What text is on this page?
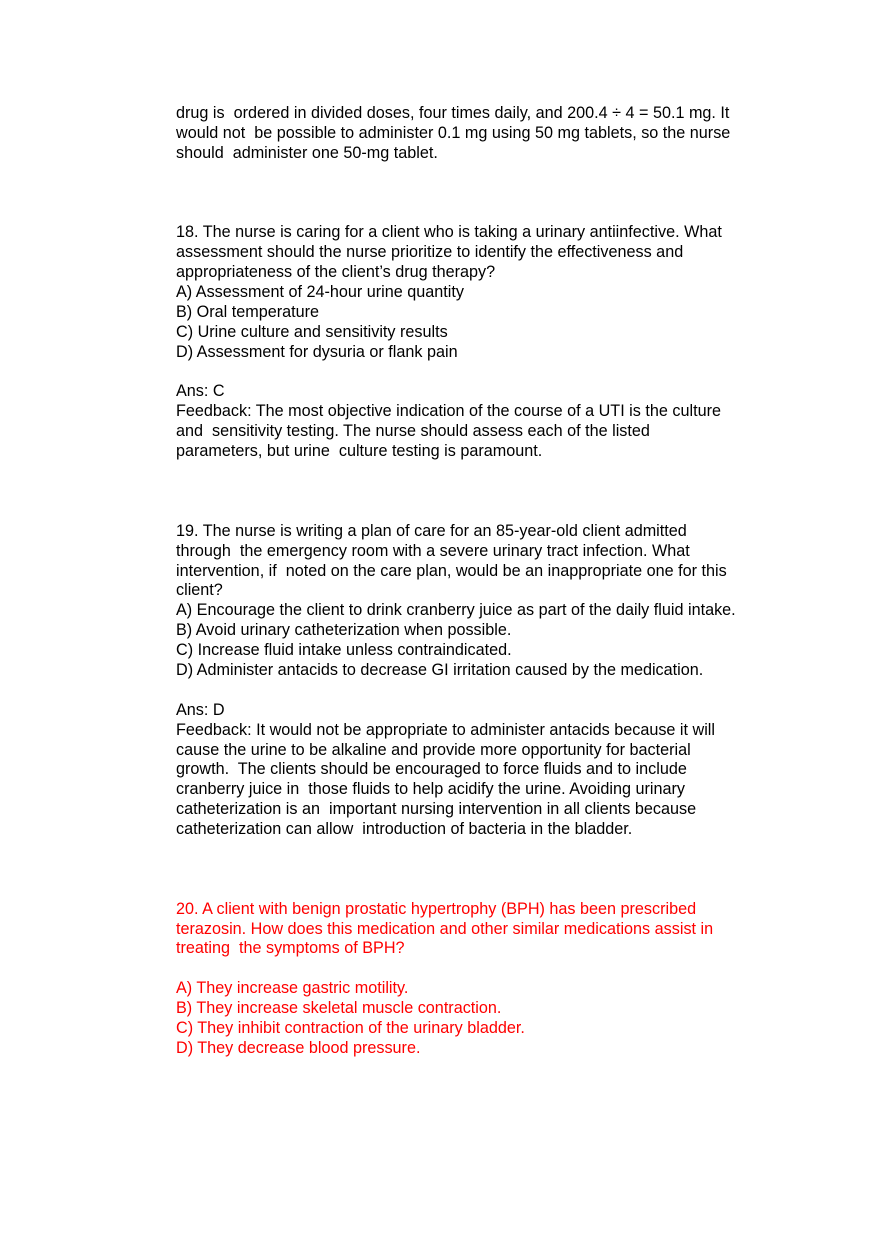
drug is  ordered in divided doses, four times daily, and 200.4 ÷ 4 = 50.1 mg. It
would not  be possible to administer 0.1 mg using 50 mg tablets, so the nurse
should  administer one 50-mg tablet.
18. The nurse is caring for a client who is taking a urinary antiinfective. What
assessment should the nurse prioritize to identify the effectiveness and
appropriateness of the client’s drug therapy?
A) Assessment of 24-hour urine quantity
B) Oral temperature
C) Urine culture and sensitivity results
D) Assessment for dysuria or flank pain
Ans: C
Feedback: The most objective indication of the course of a UTI is the culture
and  sensitivity testing. The nurse should assess each of the listed
parameters, but urine  culture testing is paramount.
19. The nurse is writing a plan of care for an 85-year-old client admitted
through  the emergency room with a severe urinary tract infection. What
intervention, if  noted on the care plan, would be an inappropriate one for this
client?
A) Encourage the client to drink cranberry juice as part of the daily fluid intake.
B) Avoid urinary catheterization when possible.
C) Increase fluid intake unless contraindicated.
D) Administer antacids to decrease GI irritation caused by the medication.
Ans: D
Feedback: It would not be appropriate to administer antacids because it will
cause the urine to be alkaline and provide more opportunity for bacterial
growth.  The clients should be encouraged to force fluids and to include
cranberry juice in  those fluids to help acidify the urine. Avoiding urinary
catheterization is an  important nursing intervention in all clients because
catheterization can allow  introduction of bacteria in the bladder.
20. A client with benign prostatic hypertrophy (BPH) has been prescribed
terazosin. How does this medication and other similar medications assist in
treating  the symptoms of BPH?
A) They increase gastric motility.
B) They increase skeletal muscle contraction.
C) They inhibit contraction of the urinary bladder.
D) They decrease blood pressure.
